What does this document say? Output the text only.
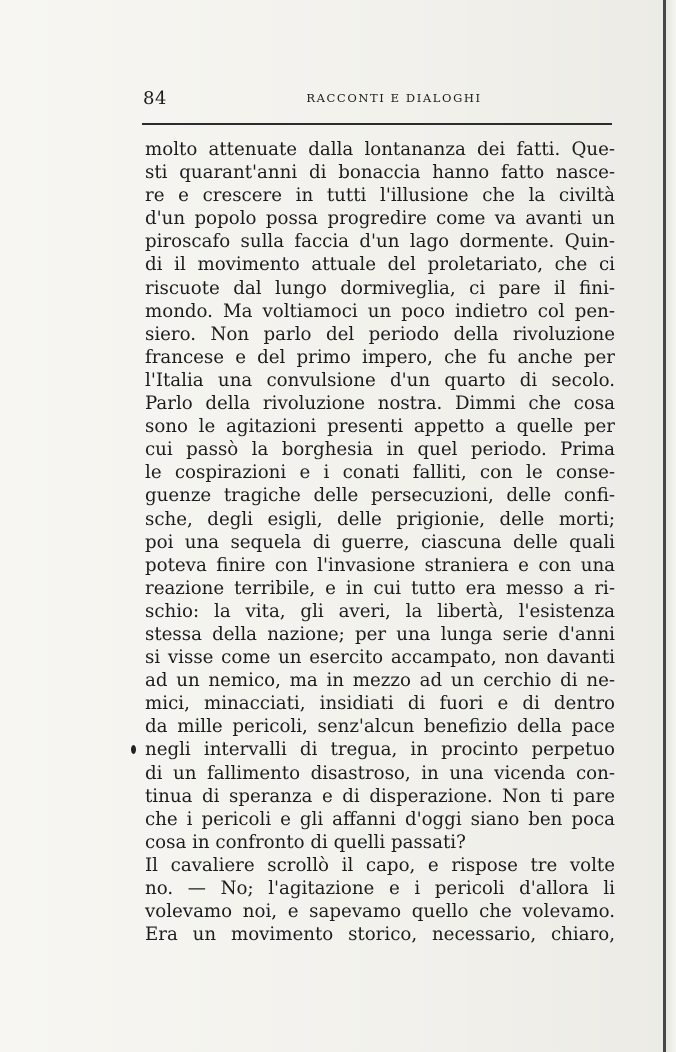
84	RACCONTI E DIALOGHI
molto attenuate dalla lontananza dei fatti. Que-
sti quarant'anni di bonaccia hanno fatto nasce-
re e crescere in tutti l'illusione che la civiltà
d'un popolo possa progredire come va avanti un
piroscafo sulla faccia d'un lago dormente. Quin-
di il movimento attuale del proletariato, che ci
riscuote dal lungo dormiveglia, ci pare il fini-
mondo. Ma voltiamoci un poco indietro col pen-
siero. Non parlo del periodo della rivoluzione
francese e del primo impero, che fu anche per
l'Italia una convulsione d'un quarto di secolo.
Parlo della rivoluzione nostra. Dimmi che cosa
sono le agitazioni presenti appetto a quelle per
cui passò la borghesia in quel periodo. Prima
le cospirazioni e i conati falliti, con le conse-
guenze tragiche delle persecuzioni, delle confi-
sche, degli esigli, delle prigionie, delle morti;
poi una sequela di guerre, ciascuna delle quali
poteva finire con l'invasione straniera e con una
reazione terribile, e in cui tutto era messo a ri-
schio: la vita, gli averi, la libertà, l'esistenza
stessa della nazione; per una lunga serie d'anni
si visse come un esercito accampato, non davanti
ad un nemico, ma in mezzo ad un cerchio di ne-
mici, minacciati, insidiati di fuori e di dentro
da mille pericoli, senz'alcun benefizio della pace
negli intervalli di tregua, in procinto perpetuo
di un fallimento disastroso, in una vicenda con-
tinua di speranza e di disperazione. Non ti pare
che i pericoli e gli affanni d'oggi siano ben poca
cosa in confronto di quelli passati?
Il cavaliere scrollò il capo, e rispose tre volte
no. — No; l'agitazione e i pericoli d'allora li
volevamo noi, e sapevamo quello che volevamo.
Era un movimento storico, necessario, chiaro,
